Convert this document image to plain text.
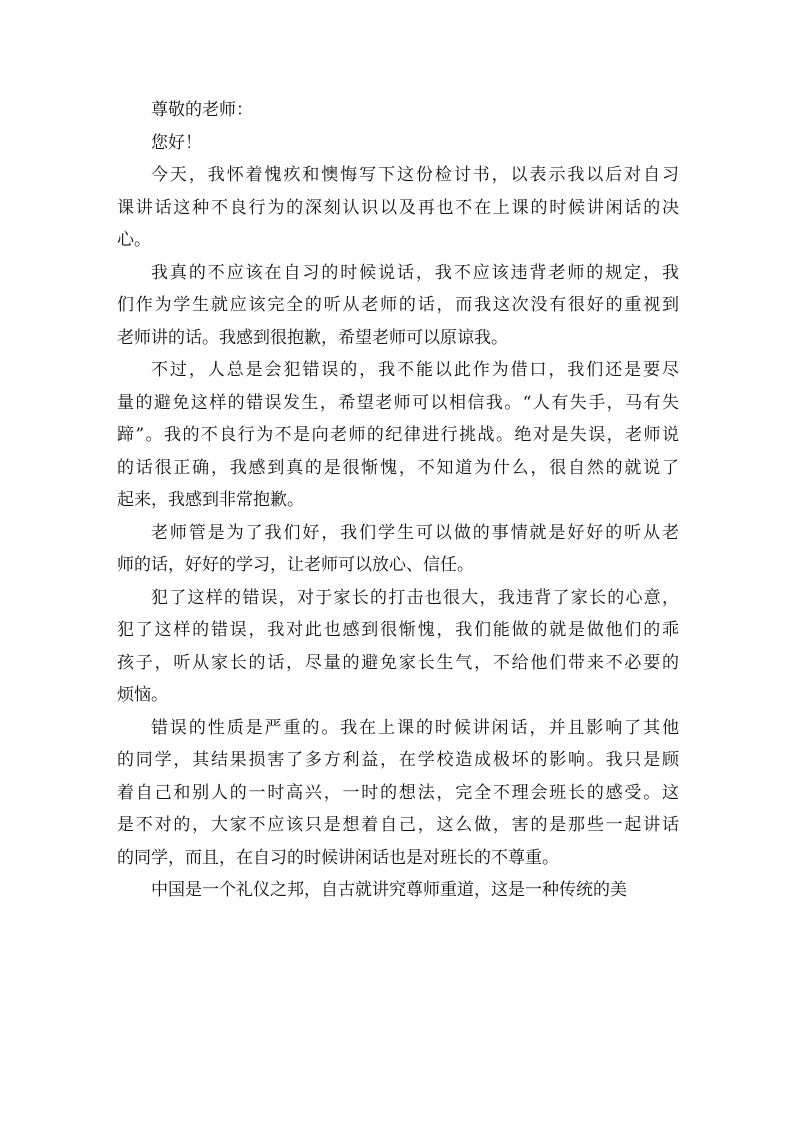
尊敬的老师：

您好！

今天，我怀着愧疚和懊悔写下这份检讨书，以表示我以后对自习

课讲话这种不良行为的深刻认识以及再也不在上课的时候讲闲话的决

心。

我真的不应该在自习的时候说话，我不应该违背老师的规定，我

们作为学生就应该完全的听从老师的话，而我这次没有很好的重视到

老师讲的话。我感到很抱歉，希望老师可以原谅我。

不过，人总是会犯错误的，我不能以此作为借口，我们还是要尽

量的避免这样的错误发生，希望老师可以相信我。“人有失手，马有失

蹄”。我的不良行为不是向老师的纪律进行挑战。绝对是失误，老师说

的话很正确，我感到真的是很惭愧，不知道为什么，很自然的就说了

起来，我感到非常抱歉。

老师管是为了我们好，我们学生可以做的事情就是好好的听从老

师的话，好好的学习，让老师可以放心、信任。

犯了这样的错误，对于家长的打击也很大，我违背了家长的心意，

犯了这样的错误，我对此也感到很惭愧，我们能做的就是做他们的乖

孩子，听从家长的话，尽量的避免家长生气，不给他们带来不必要的

烦恼。

错误的性质是严重的。我在上课的时候讲闲话，并且影响了其他

的同学，其结果损害了多方利益，在学校造成极坏的影响。我只是顾

着自己和别人的一时高兴，一时的想法，完全不理会班长的感受。这

是不对的，大家不应该只是想着自己，这么做，害的是那些一起讲话

的同学，而且，在自习的时候讲闲话也是对班长的不尊重。

中国是一个礼仪之邦，自古就讲究尊师重道，这是一种传统的美
